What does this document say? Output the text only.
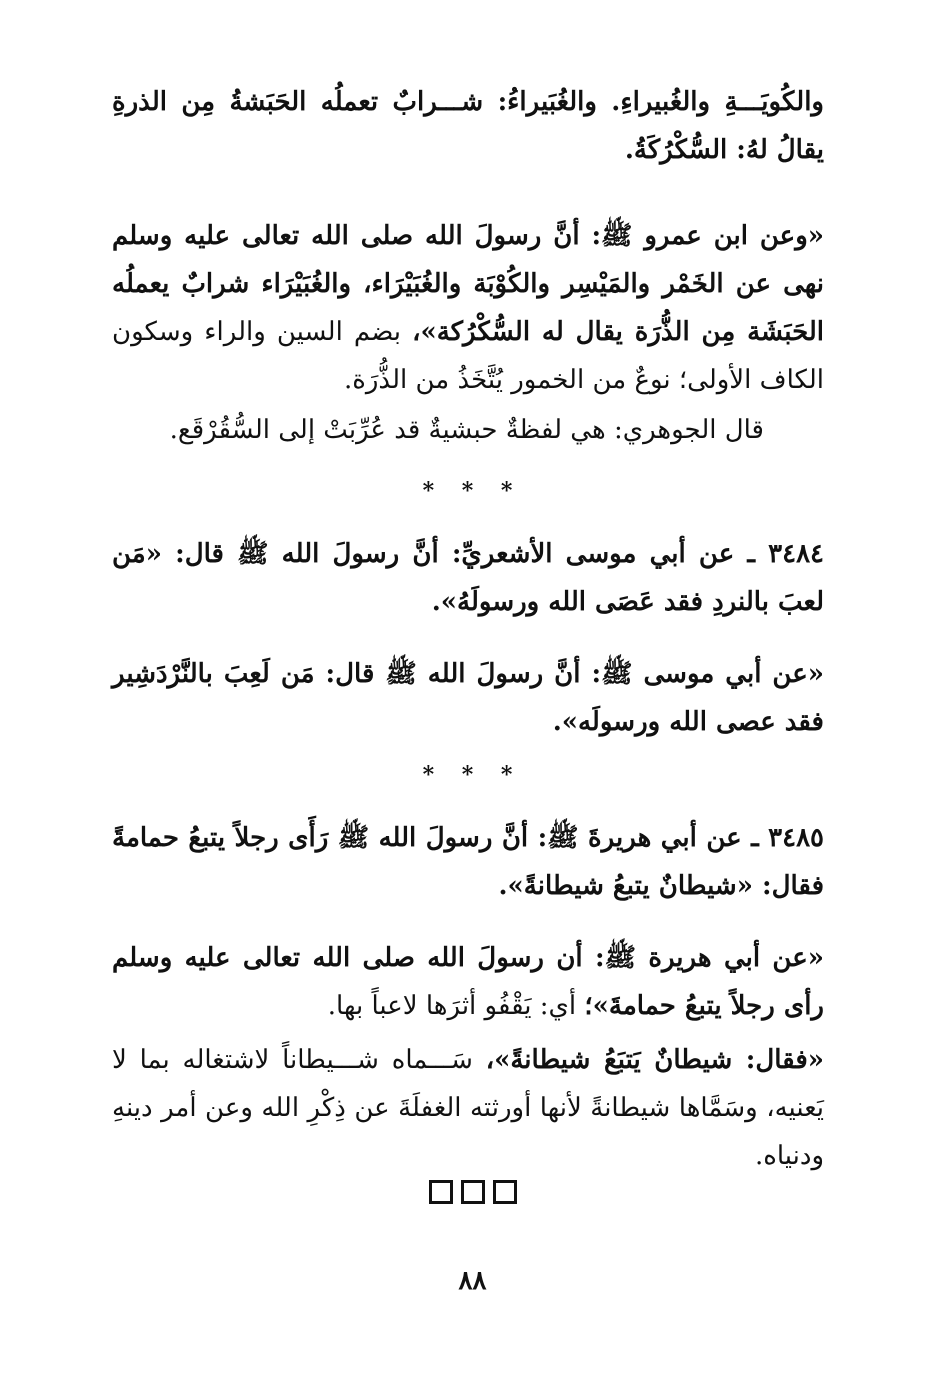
والكُويَـــةِ والغُبيراءِ. والغُبَيراءُ: شـــرابٌ تعملُه الحَبَشةُ مِن الذرةِ يقالُ لهُ: السُّكْرُكَةُ.

«وعن ابن عمرو ﷺ: أنَّ رسولَ الله صلى الله تعالى عليه وسلم نهى عن الخَمْر والمَيْسِر والكُوْبَة والغُبَيْرَاء، والغُبَيْرَاء شرابٌ يعملُه الحَبَشَة مِن الذُّرَة يقال له السُّكْرُكة»، بضم السين والراء وسكون الكاف الأولى؛ نوعٌ من الخمور يُتَّخَذُ من الذُّرَة.

قال الجوهري: هي لفظةٌ حبشيةٌ قد عُرِّبَتْ إلى السُّقُرْقَع.

* * *

٣٤٨٤ ـ عن أبي موسى الأشعريِّ: أنَّ رسولَ الله ﷺ قال: «مَن لعبَ بالنردِ فقد عَصَى الله ورسولَهُ».

«عن أبي موسى ﷺ: أنَّ رسولَ الله ﷺ قال: مَن لَعِبَ بالنَّرْدَشِير فقد عصى الله ورسولَه».

* * *

٣٤٨٥ ـ عن أبي هريرةَ ﷺ: أنَّ رسولَ الله ﷺ رَأَى رجلاً يتبعُ حمامةً فقال: «شيطانٌ يتبعُ شيطانةً».

«عن أبي هريرة ﷺ: أن رسولَ الله صلى الله تعالى عليه وسلم رأى رجلاً يتبعُ حمامةَ»؛ أي: يَقْفُو أثرَها لاعباً بها.

«فقال: شيطانٌ يَتبَعُ شيطانةً»، سَـــماه شـــيطاناً لاشتغاله بما لا يَعنيه، وسَمَّاها شيطانةً لأنها أورثته الغفلَةَ عن ذِكْرِ الله وعن أمر دينهِ ودنياه.

٨٨
